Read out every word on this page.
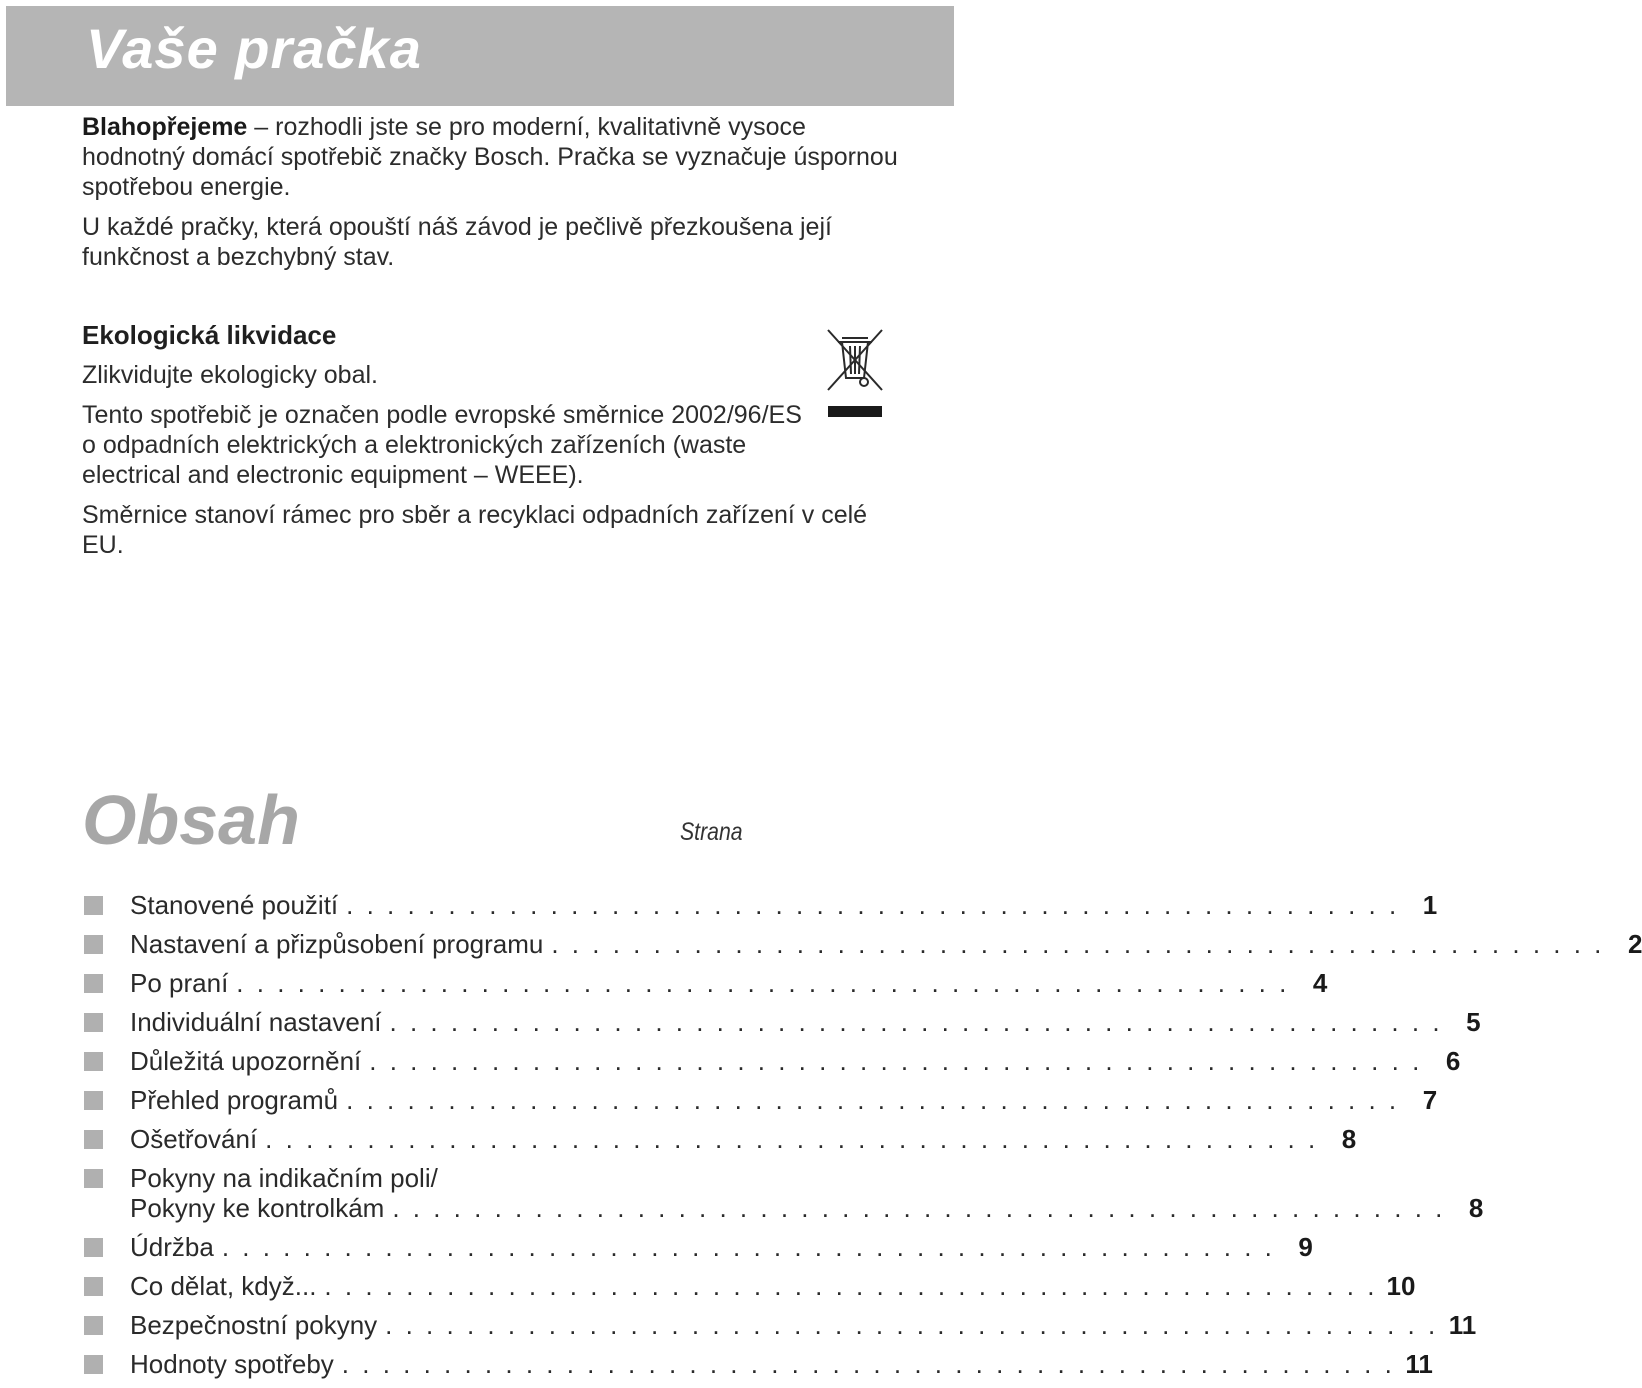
Vaše pračka

Blahopřejeme – rozhodli jste se pro moderní, kvalitativně vysoce hodnotný domácí spotřebič značky Bosch. Pračka se vyznačuje úspornou spotřebou energie.

U každé pračky, která opouští náš závod je pečlivě přezkoušena její funkčnost a bezchybný stav.

Ekologická likvidace

Zlikvidujte ekologicky obal.

Tento spotřebič je označen podle evropské směrnice 2002/96/ES o odpadních elektrických a elektronických zařízeních (waste electrical and electronic equipment – WEEE).

Směrnice stanoví rámec pro sběr a recyklaci odpadních zařízení v celé EU.

Obsah	Strana
Stanovené použití . . . . . . . . . . . . . . . . . . . . . . . . . . . . . . . . . . . . . . . . . . . . . . . . . . . . 1
Nastavení a přizpůsobení programu . . . . . . . . . . . . . . . . . . . . . . . . . . . . . . . . . . . . . . . . . . . . . . . . . . . . 2
Po praní . . . . . . . . . . . . . . . . . . . . . . . . . . . . . . . . . . . . . . . . . . . . . . . . . . . . 4
Individuální nastavení . . . . . . . . . . . . . . . . . . . . . . . . . . . . . . . . . . . . . . . . . . . . . . . . . . . . 5
Důležitá upozornění . . . . . . . . . . . . . . . . . . . . . . . . . . . . . . . . . . . . . . . . . . . . . . . . . . . . 6
Přehled programů . . . . . . . . . . . . . . . . . . . . . . . . . . . . . . . . . . . . . . . . . . . . . . . . . . . . 7
Ošetřování . . . . . . . . . . . . . . . . . . . . . . . . . . . . . . . . . . . . . . . . . . . . . . . . . . . . 8
Pokyny na indikačním poli/
Pokyny ke kontrolkám . . . . . . . . . . . . . . . . . . . . . . . . . . . . . . . . . . . . . . . . . . . . . . . . . . . . 8
Údržba . . . . . . . . . . . . . . . . . . . . . . . . . . . . . . . . . . . . . . . . . . . . . . . . . . . . 9
Co dělat, když... . . . . . . . . . . . . . . . . . . . . . . . . . . . . . . . . . . . . . . . . . . . . . . . . . . . . 10
Bezpečnostní pokyny . . . . . . . . . . . . . . . . . . . . . . . . . . . . . . . . . . . . . . . . . . . . . . . . . . . . 11
Hodnoty spotřeby . . . . . . . . . . . . . . . . . . . . . . . . . . . . . . . . . . . . . . . . . . . . . . . . . . . . 11
